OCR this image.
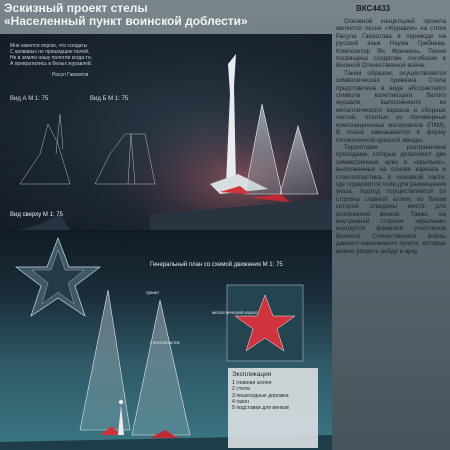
Эскизный проект стелы
«Населенный пункт воинской доблести»
Мне кажется порою, что солдаты
С кровавых не пришедшие полей,
Не в землю нашу полегли когда-то,
А превратились в белых журавлей.
Расул Гамзатов
Вид А М 1: 75	Вид Б М 1: 75
ВКС4433

Основной концепцией проекта является песня «Журавли» на стихи Расула Гамзатова в переводе на русский язык Наума Гребнева. Композитор Ян Френкель. Песня посвящена солдатам, погибшим в Великой Отечественной войне.

Таким образом, осуществляется символическая привязка. Стела представлена в виде абстрактного символа взлетающего белого журавля, выполненного из металлического каркаса и сборных частей, отлитых из полимерных композиционных материалов (ПКМ). В плане завязывается в форму пятиконечной красной звезды.

Территория разграничена проходами, которые дополняют две симметричные арки в «крыльях», выполненных на основе каркаса и стеклопластика. К основной части, где содержится поле для размещения указа, подход осуществляется со стороны главной аллеи, по бокам которой отведены места для возложения венков. Также, на внутренней стороне «крыльев» находятся фамилии участников Великой Отечественной войны данного населенного пункта, которые можно увидеть войдя в арку.

Вид сверху М 1: 75
Генеральный план со схемой движения М 1: 75
стеклопластик
металлический каркас
гранит
Экспликация
1 главная аллея
2 стела
3 пешеходные дорожки
4 газон
5 подставки для венков
